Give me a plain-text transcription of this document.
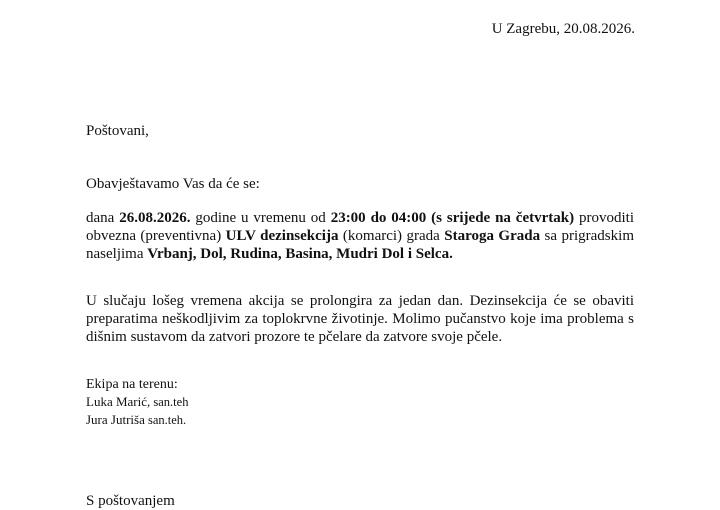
U Zagrebu, 20.08.2026.
Poštovani,
Obavještavamo Vas da će se:

dana 26.08.2026. godine u vremenu od 23:00 do 04:00 (s srijede na četvrtak) provoditi obvezna (preventivna) ULV dezinsekcija (komarci) grada Staroga Grada sa prigradskim naseljima Vrbanj, Dol, Rudina, Basina, Mudri Dol i Selca.

U slučaju lošeg vremena akcija se prolongira za jedan dan. Dezinsekcija će se obaviti preparatima neškodljivim za toplokrvne životinje. Molimo pučanstvo koje ima problema s dišnim sustavom da zatvori prozore te pčelare da zatvore svoje pčele.

Ekipa na terenu:
Luka Marić, san.teh
Jura Jutriša san.teh.
S poštovanjem
